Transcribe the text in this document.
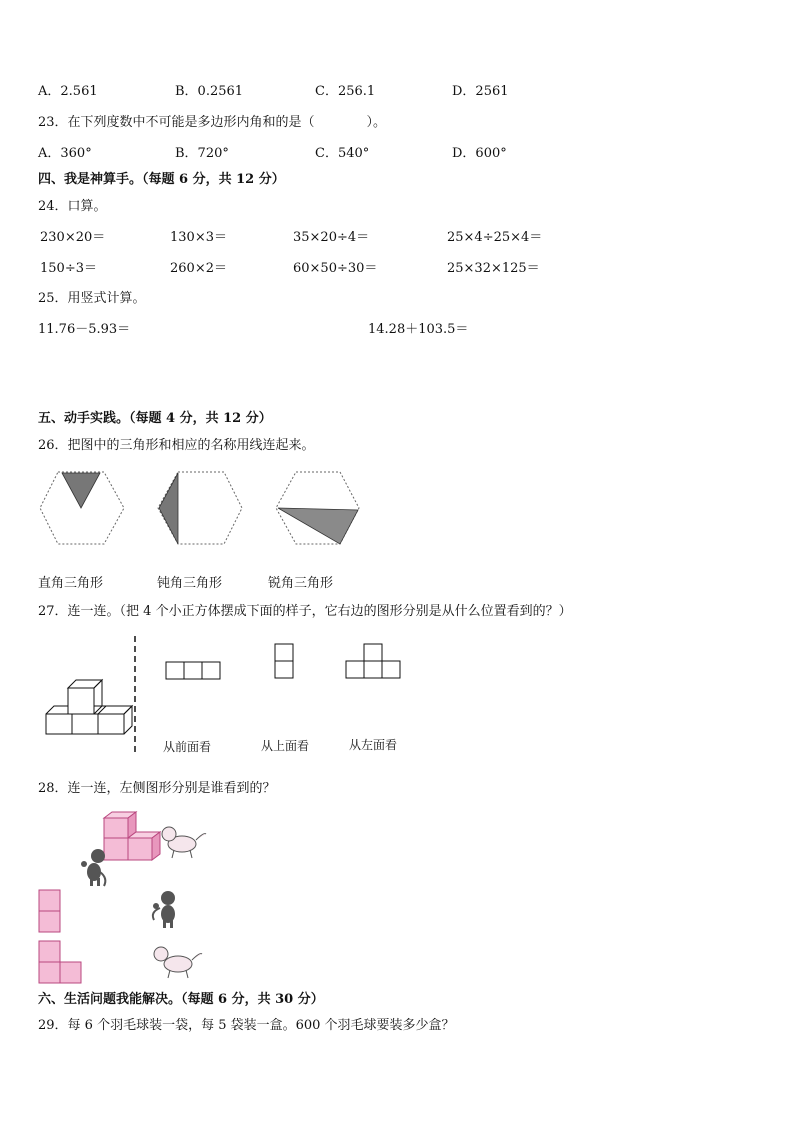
A．2.561	B．0.2561	C．256.1	D．2561
23．在下列度数中不可能是多边形内角和的是（　　　　）。
A．360°	B．720°	C．540°	D．600°
四、我是神算手。（每题 6 分，共 12 分）
24．口算。
230×20＝	130×3＝	35×20÷4＝	25×4÷25×4＝
150÷3＝	260×2＝	60×50÷30＝	25×32×125＝
25．用竖式计算。
11.76－5.93＝	14.28＋103.5＝
五、动手实践。（每题 4 分，共 12 分）
26．把图中的三角形和相应的名称用线连起来。
直角三角形	钝角三角形	锐角三角形
27．连一连。（把 4 个小正方体摆成下面的样子，它右边的图形分别是从什么位置看到的？）
从前面看	从上面看	从左面看
28．连一连，左侧图形分别是谁看到的？
六、生活问题我能解决。（每题 6 分，共 30 分）
29．每 6 个羽毛球装一袋，每 5 袋装一盒。600 个羽毛球要装多少盒？
